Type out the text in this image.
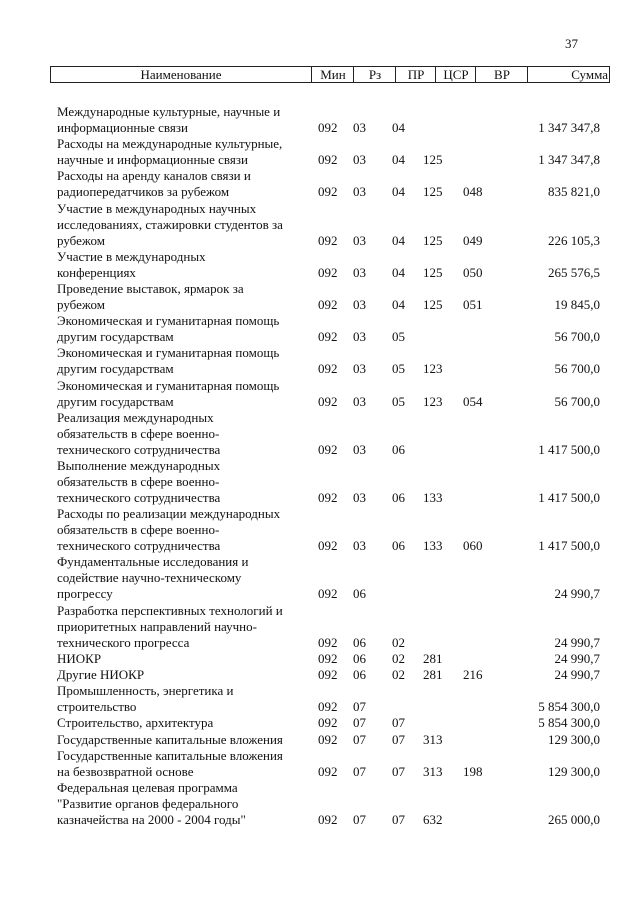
37
Наименование	Мин	Рз	ПР	ЦСР	ВР	Сумма
Международные культурные, научные и
информационные связи	092 03 04	1 347 347,8
Расходы на международные культурные,
научные и информационные связи	092 03 04 125	1 347 347,8
Расходы на аренду каналов связи и
радиопередатчиков за рубежом	092 03 04 125 048	835 821,0
Участие в международных научных
исследованиях, стажировки студентов за
рубежом	092 03 04 125 049	226 105,3
Участие в международных
конференциях	092 03 04 125 050	265 576,5
Проведение выставок, ярмарок за
рубежом	092 03 04 125 051	19 845,0
Экономическая и гуманитарная помощь
другим государствам	092 03 05	56 700,0
Экономическая и гуманитарная помощь
другим государствам	092 03 05 123	56 700,0
Экономическая и гуманитарная помощь
другим государствам	092 03 05 123 054	56 700,0
Реализация международных
обязательств в сфере военно-
технического сотрудничества	092 03 06	1 417 500,0
Выполнение международных
обязательств в сфере военно-
технического сотрудничества	092 03 06 133	1 417 500,0
Расходы по реализации международных
обязательств в сфере военно-
технического сотрудничества	092 03 06 133 060	1 417 500,0
Фундаментальные исследования и
содействие научно-техническому
прогрессу	092 06	24 990,7
Разработка перспективных технологий и
приоритетных направлений научно-
технического прогресса	092 06 02	24 990,7
НИОКР	092 06 02 281	24 990,7
Другие НИОКР	092 06 02 281 216	24 990,7
Промышленность, энергетика и
строительство	092 07	5 854 300,0
Строительство, архитектура	092 07 07	5 854 300,0
Государственные капитальные вложения	092 07 07 313	129 300,0
Государственные капитальные вложения
на безвозвратной основе	092 07 07 313 198	129 300,0
Федеральная целевая программа
"Развитие органов федерального
казначейства на 2000 - 2004 годы"	092 07 07 632	265 000,0
